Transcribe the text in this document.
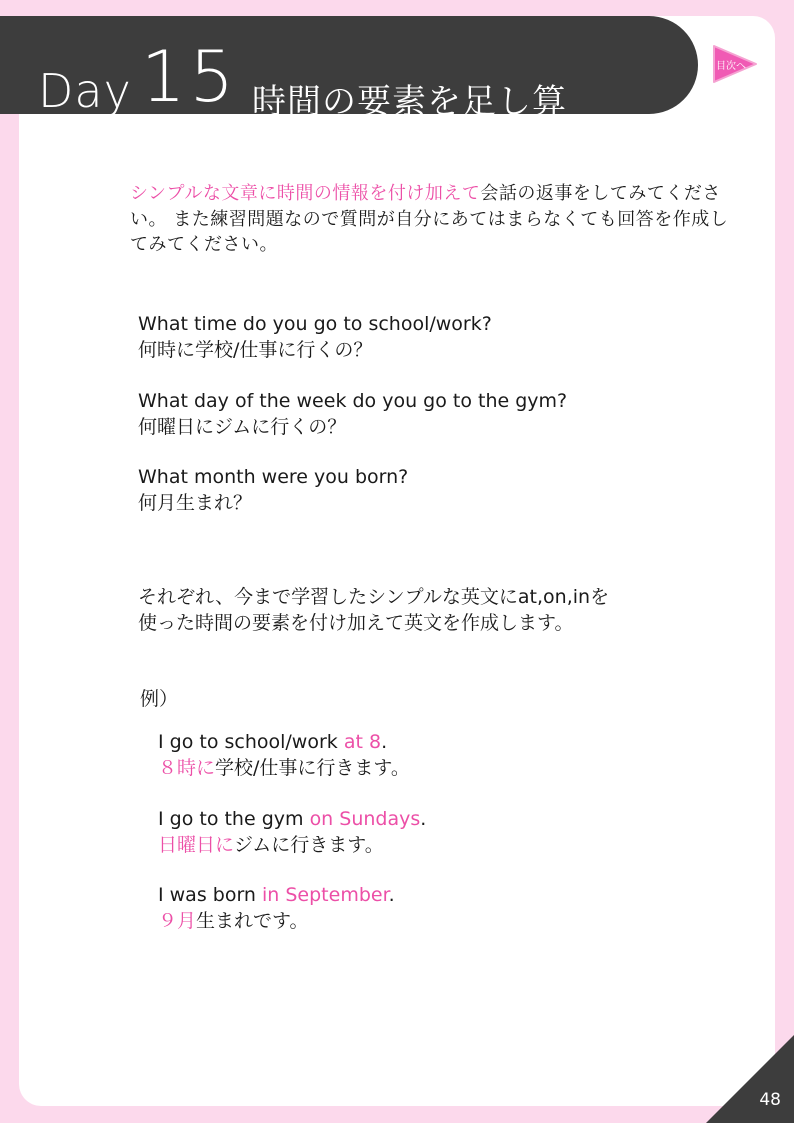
Day 15 時間の要素を足し算
目次へ
シンプルな文章に時間の情報を付け加えて会話の返事をしてみてください。 また練習問題なので質問が自分にあてはまらなくても回答を作成してみてください。
What time do you go to school/work?
何時に学校/仕事に行くの？
What day of the week do you go to the gym?
何曜日にジムに行くの？
What month were you born?
何月生まれ？
それぞれ、今まで学習したシンプルな英文にat,on,inを
使った時間の要素を付け加えて英文を作成します。
例）
I go to school/work at 8.
８時に学校/仕事に行きます。
I go to the gym on Sundays.
日曜日にジムに行きます。
I was born in September.
９月生まれです。
48
